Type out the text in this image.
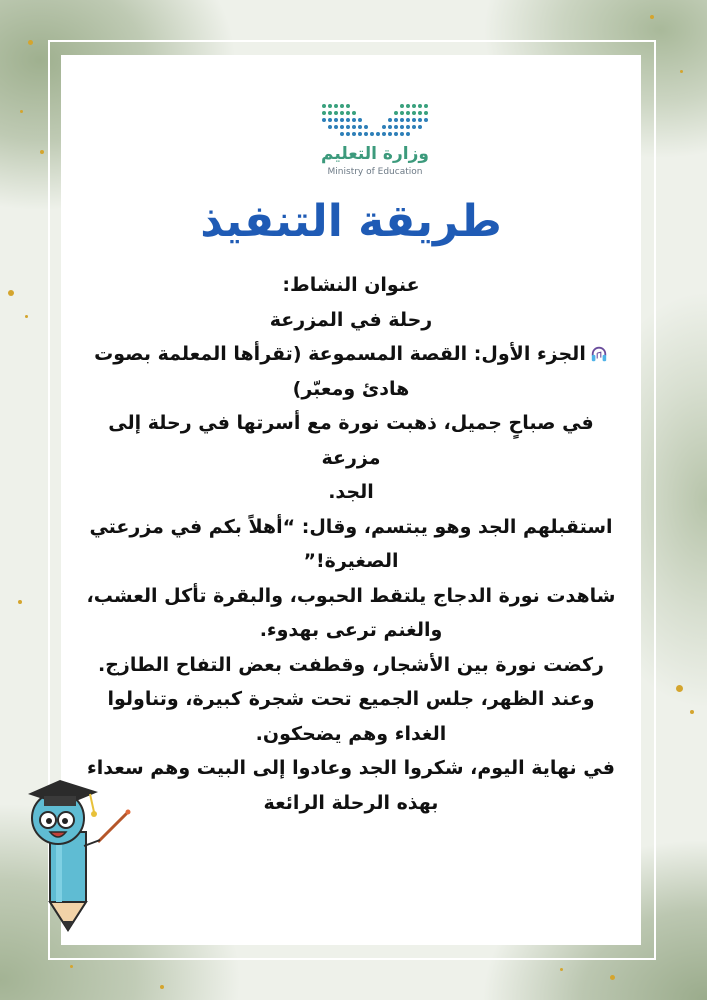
وزارة التعليم
Ministry of Education
طريقة التنفيذ

عنوان النشاط:

رحلة في المزرعة

الجزء الأول: القصة المسموعة (تقرأها المعلمة بصوت

هادئ ومعبّر)

في صباحٍ جميل، ذهبت نورة مع أسرتها في رحلة إلى مزرعة

الجد.

استقبلهم الجد وهو يبتسم، وقال: “أهلاً بكم في مزرعتي

الصغيرة!”

شاهدت نورة الدجاج يلتقط الحبوب، والبقرة تأكل العشب،

والغنم ترعى بهدوء.

ركضت نورة بين الأشجار، وقطفت بعض التفاح الطازج.

وعند الظهر، جلس الجميع تحت شجرة كبيرة، وتناولوا

الغداء وهم يضحكون.

في نهاية اليوم، شكروا الجد وعادوا إلى البيت وهم سعداء

بهذه الرحلة الرائعة
